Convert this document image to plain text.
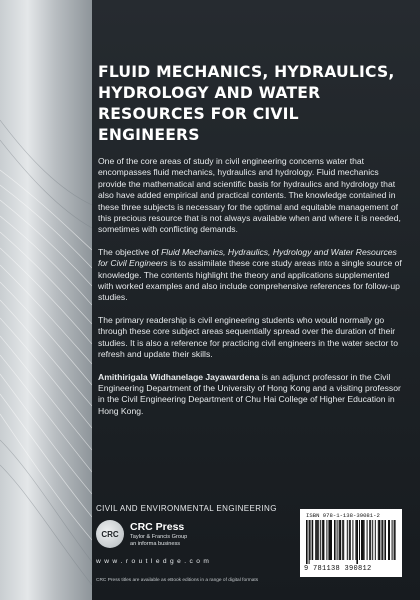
FLUID MECHANICS, HYDRAULICS, HYDROLOGY AND WATER RESOURCES FOR CIVIL ENGINEERS

One of the core areas of study in civil engineering concerns water that encompasses fluid mechanics, hydraulics and hydrology. Fluid mechanics provide the mathematical and scientific basis for hydraulics and hydrology that also have added empirical and practical contents. The knowledge contained in these three subjects is necessary for the optimal and equitable management of this precious resource that is not always available when and where it is needed, sometimes with conflicting demands.

The objective of Fluid Mechanics, Hydraulics, Hydrology and Water Resources for Civil Engineers is to assimilate these core study areas into a single source of knowledge. The contents highlight the theory and applications supplemented with worked examples and also include comprehensive references for follow-up studies.

The primary readership is civil engineering students who would normally go through these core subject areas sequentially spread over the duration of their studies. It is also a reference for practicing civil engineers in the water sector to refresh and update their skills.

Amithirigala Widhanelage Jayawardena is an adjunct professor in the Civil Engineering Department of the University of Hong Kong and a visiting professor in the Civil Engineering Department of Chu Hai College of Higher Education in Hong Kong.

CIVIL AND ENVIRONMENTAL ENGINEERING
CRC
CRC Press
Taylor & Francis Group
an informa business
w w w . r o u t l e d g e . c o m
CRC Press titles are available as eBook editions in a range of digital formats
ISBN 978-1-138-39081-2
9 781138 390812
